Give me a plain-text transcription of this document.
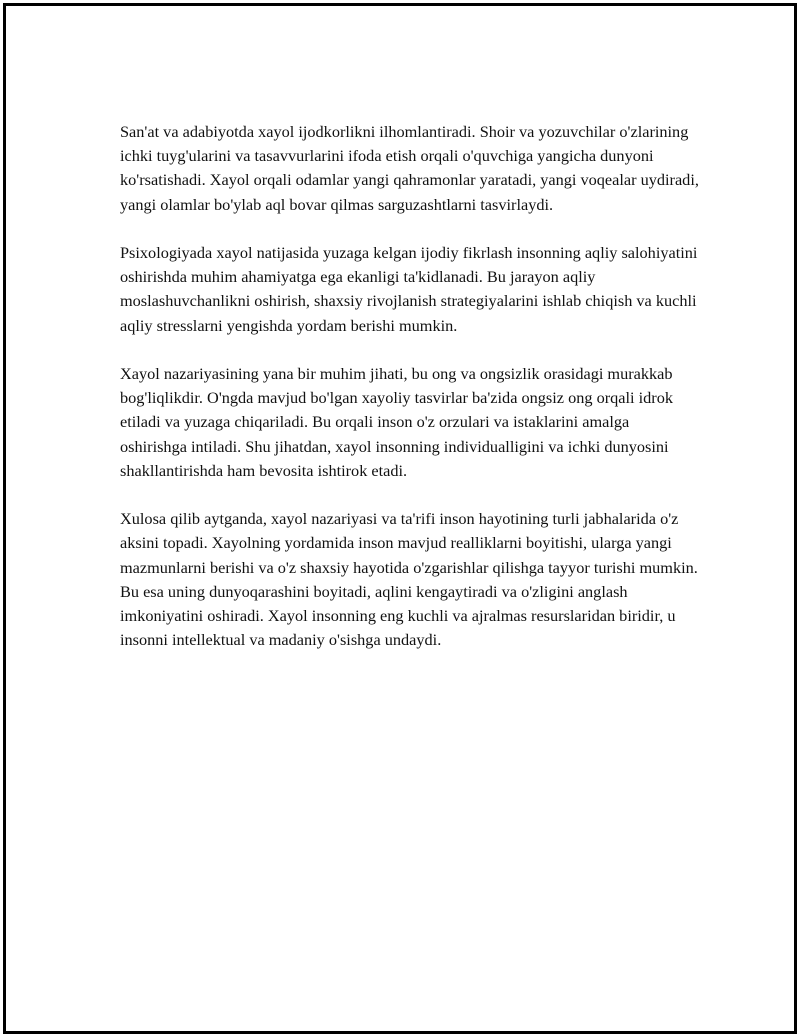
San'at va adabiyotda xayol ijodkorlikni ilhomlantiradi. Shoir va yozuvchilar o'zlarining ichki tuyg'ularini va tasavvurlarini ifoda etish orqali o'quvchiga yangicha dunyoni ko'rsatishadi. Xayol orqali odamlar yangi qahramonlar yaratadi, yangi voqealar uydiradi, yangi olamlar bo'ylab aql bovar qilmas sarguzashtlarni tasvirlaydi.

Psixologiyada xayol natijasida yuzaga kelgan ijodiy fikrlash insonning aqliy salohiyatini oshirishda muhim ahamiyatga ega ekanligi ta'kidlanadi. Bu jarayon aqliy moslashuvchanlikni oshirish, shaxsiy rivojlanish strategiyalarini ishlab chiqish va kuchli aqliy stresslarni yengishda yordam berishi mumkin.

Xayol nazariyasining yana bir muhim jihati, bu ong va ongsizlik orasidagi murakkab bog'liqlikdir. O'ngda mavjud bo'lgan xayoliy tasvirlar ba'zida ongsiz ong orqali idrok etiladi va yuzaga chiqariladi. Bu orqali inson o'z orzulari va istaklarini amalga oshirishga intiladi. Shu jihatdan, xayol insonning individualligini va ichki dunyosini shakllantirishda ham bevosita ishtirok etadi.

Xulosa qilib aytganda, xayol nazariyasi va ta'rifi inson hayotining turli jabhalarida o'z aksini topadi. Xayolning yordamida inson mavjud realliklarni boyitishi, ularga yangi mazmunlarni berishi va o'z shaxsiy hayotida o'zgarishlar qilishga tayyor turishi mumkin. Bu esa uning dunyoqarashini boyitadi, aqlini kengaytiradi va o'zligini anglash imkoniyatini oshiradi. Xayol insonning eng kuchli va ajralmas resurslaridan biridir, u insonni intellektual va madaniy o'sishga undaydi.
